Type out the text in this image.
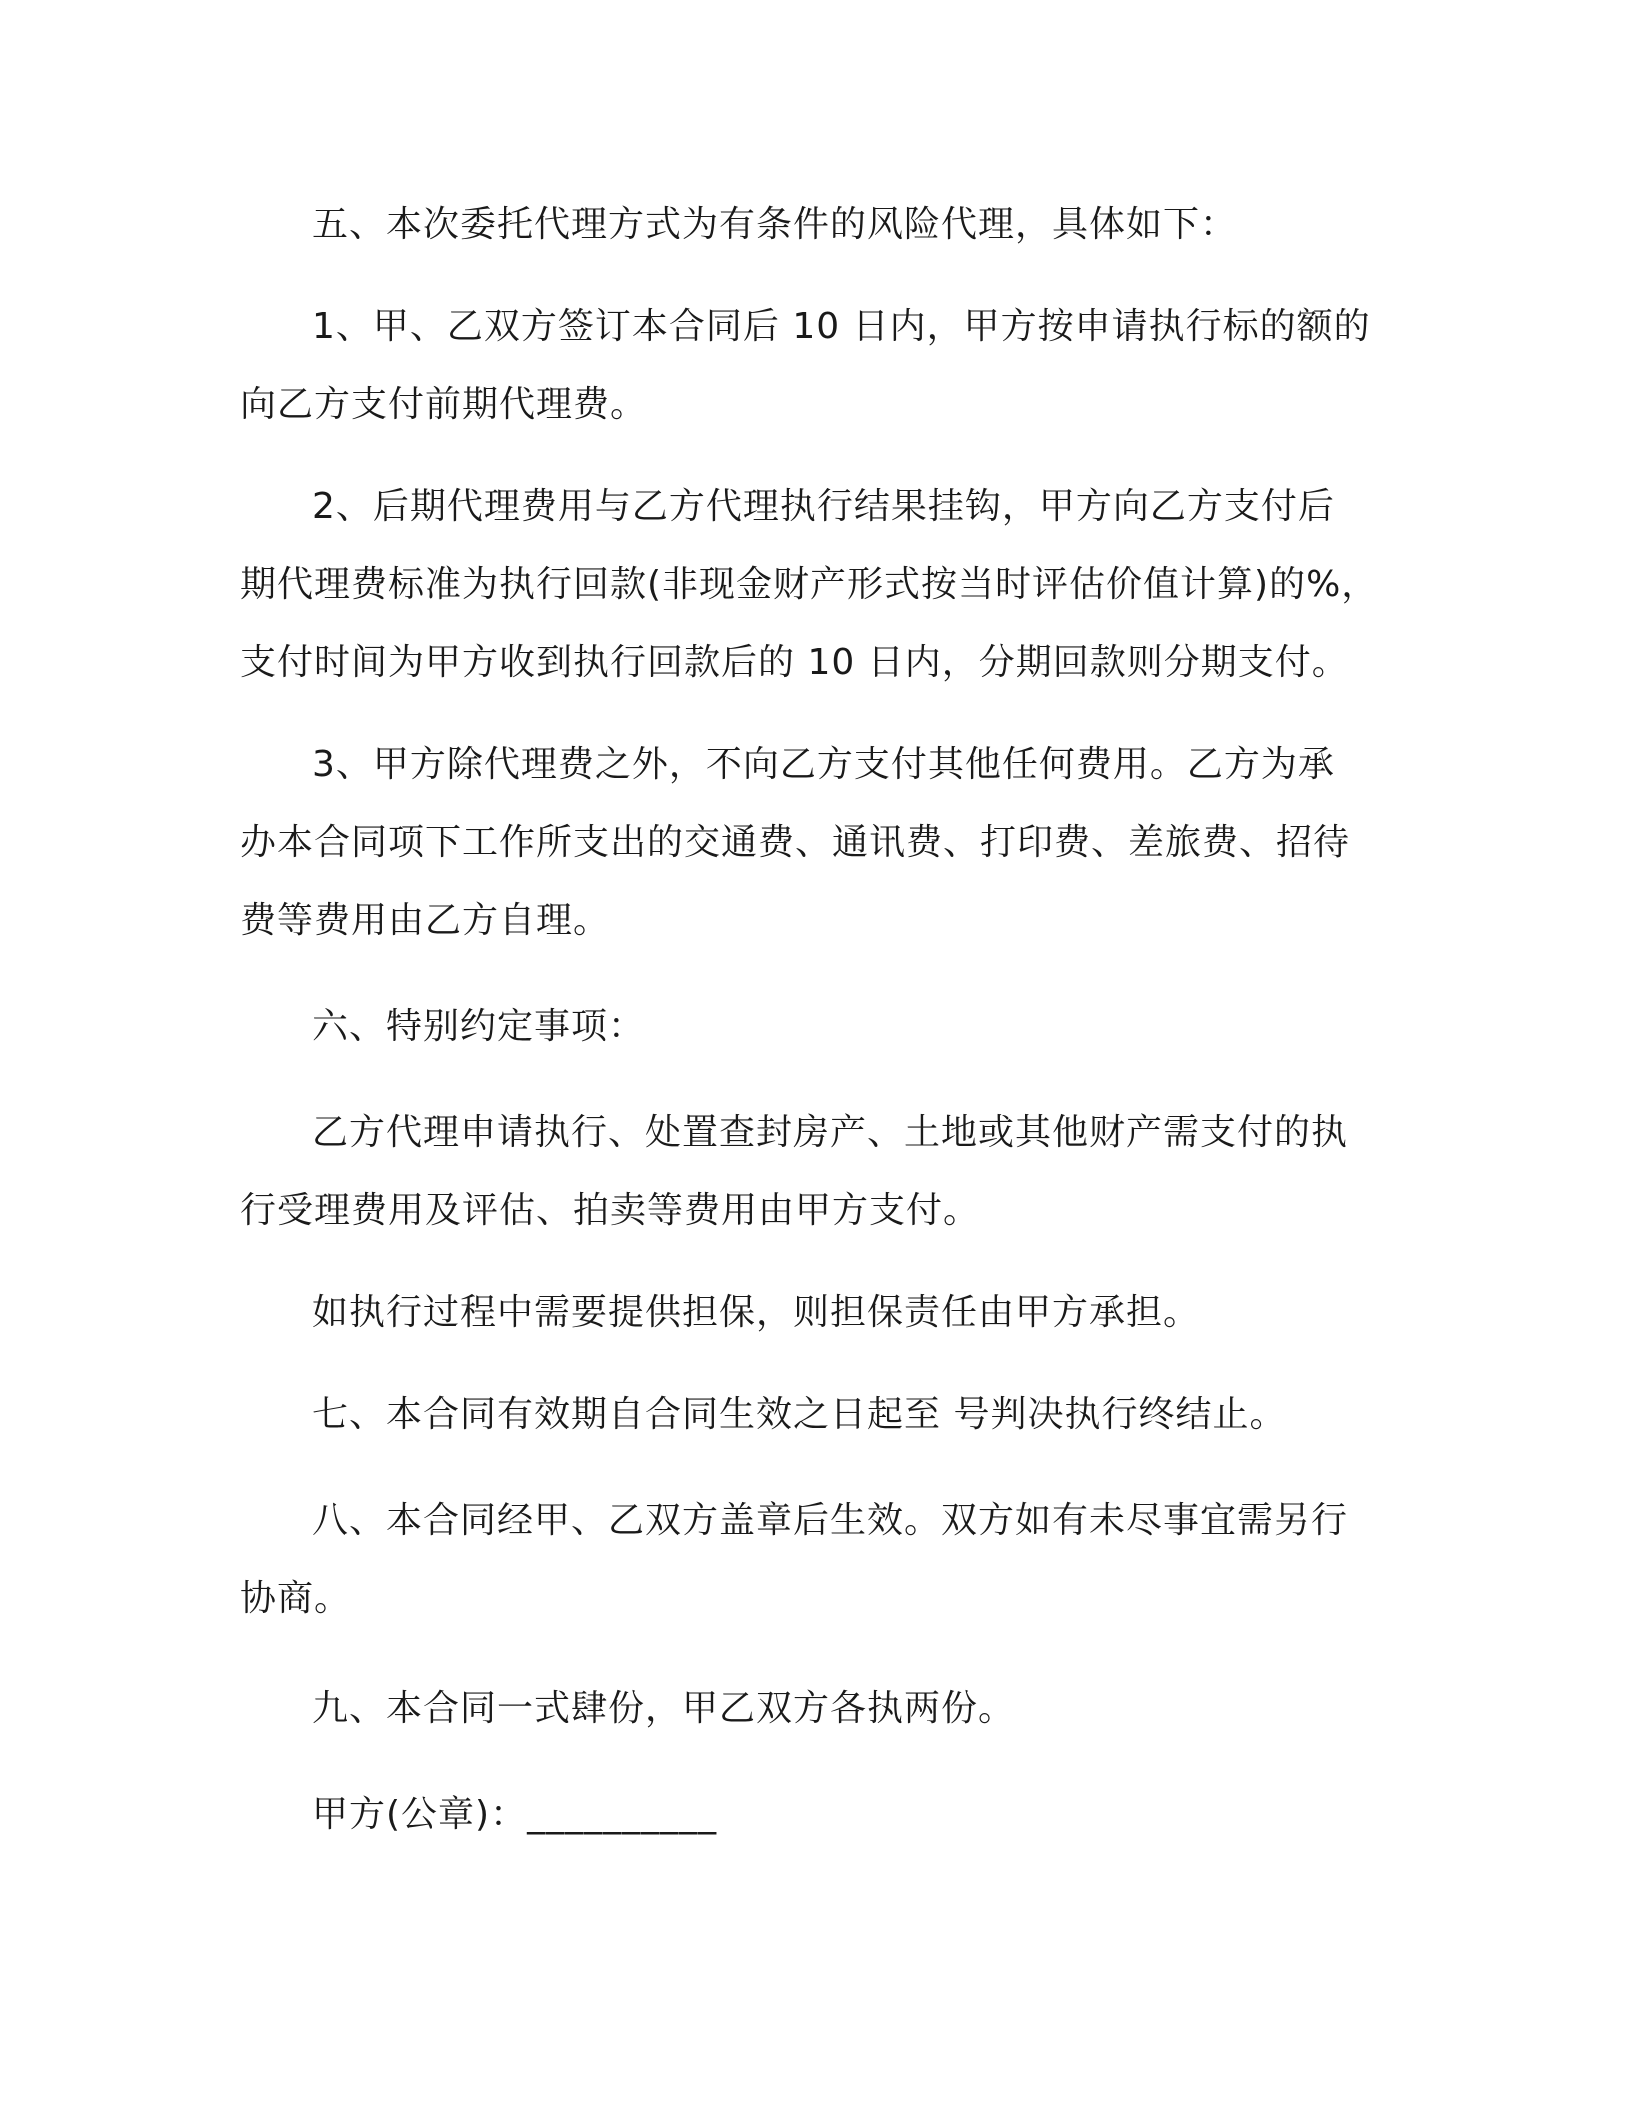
五、本次委托代理方式为有条件的风险代理，具体如下：

1、甲、乙双方签订本合同后 10 日内，甲方按申请执行标的额的
向乙方支付前期代理费。

2、后期代理费用与乙方代理执行结果挂钩，甲方向乙方支付后
期代理费标准为执行回款(非现金财产形式按当时评估价值计算)的%，
支付时间为甲方收到执行回款后的 10 日内，分期回款则分期支付。

3、甲方除代理费之外，不向乙方支付其他任何费用。乙方为承
办本合同项下工作所支出的交通费、通讯费、打印费、差旅费、招待
费等费用由乙方自理。

六、特别约定事项：

乙方代理申请执行、处置查封房产、土地或其他财产需支付的执
行受理费用及评估、拍卖等费用由甲方支付。

如执行过程中需要提供担保，则担保责任由甲方承担。

七、本合同有效期自合同生效之日起至 号判决执行终结止。

八、本合同经甲、乙双方盖章后生效。双方如有未尽事宜需另行
协商。

九、本合同一式肆份，甲乙双方各执两份。

甲方(公章)：__________
